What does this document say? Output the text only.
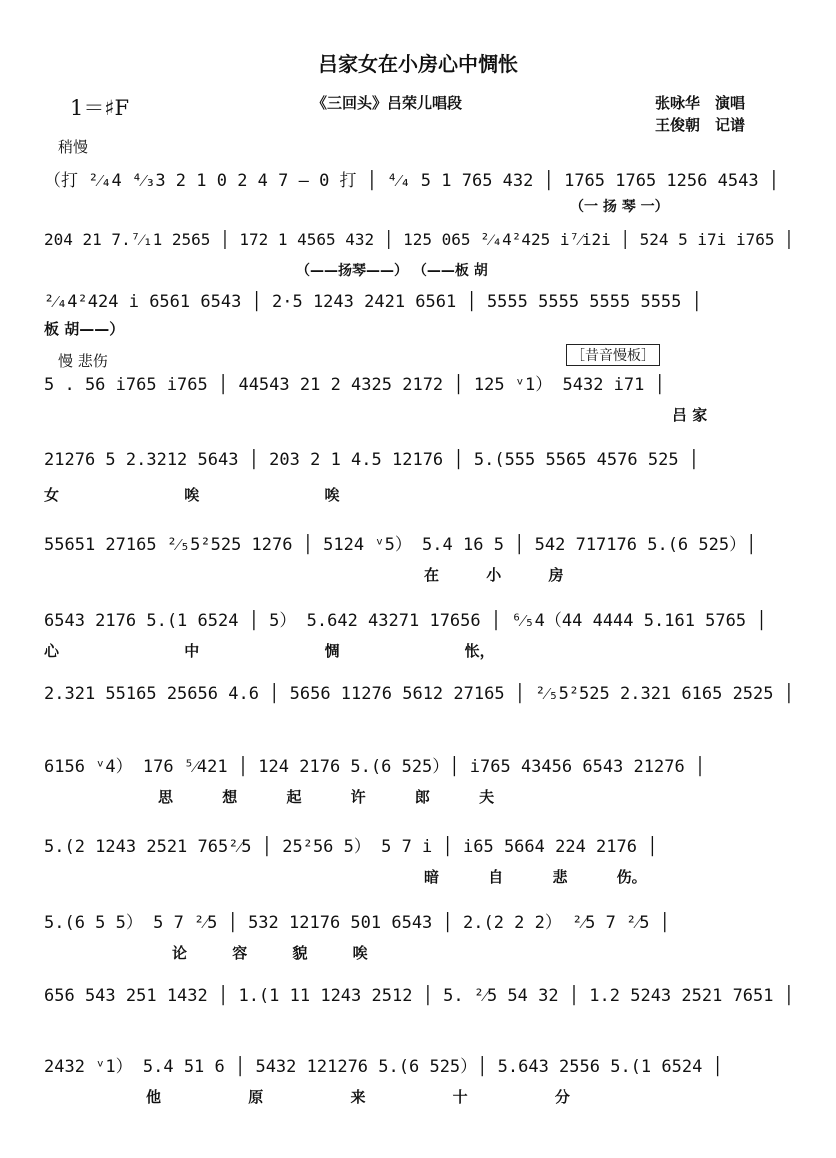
吕家女在小房心中惆怅
1＝♯F	《三回头》吕荣儿唱段	张咏华　演唱
王俊朝　记谱
稍慢
（打 ²⁄₄4 ⁴⁄₃3 2 1 0 2 4 7 – 0 打 │ ⁴⁄₄ 5 1 765 432 │ 1765 1765 1256 4543 │
（一 扬 琴 一）
204 21 7.⁷⁄₁1 2565 │ 172 1 4565 432 │ 125 065 ²⁄₄4²425 i⁷⁄i2i │ 524 5 i7i i765 │
（——扬琴——） （——板 胡
²⁄₄4²424 i 6561 6543 │ 2·5 1243 2421 6561 │ 5555 5555 5555 5555 │
板 胡——）
慢 悲伤	［昔音慢板］
5 . 56 i765 i765 │ 44543 21 2 4325 2172 │ 125 ᵛ1） 5432 i71 │
吕 家
21276 5 2.3212 5643 │ 203 2 1 4.5 12176 │ 5.(555 5565 4576 525 │
女 唉 唉
55651 27165 ²⁄₅5²525 1276 │ 5124 ᵛ5） 5.4 16 5 │ 542 717176 5.(6 525）│
在 小 房
6543 2176 5.(1 6524 │ 5） 5.642 43271 17656 │ ⁶⁄₅4（44 4444 5.161 5765 │
心 中 惆 怅，
2.321 55165 25656 4.6 │ 5656 11276 5612 27165 │ ²⁄₅5²525 2.321 6165 2525 │
6156 ᵛ4） 176 ⁵⁄421 │ 124 2176 5.(6 525）│ i765 43456 6543 21276 │
思 想 起 许 郎 夫
5.(2 1243 2521 765²⁄5 │ 25²56 5） 5 7 i │ i65 5664 224 2176 │
暗 自 悲 伤。
5.(6 5 5） 5 7 ²⁄5 │ 532 12176 501 6543 │ 2.(2 2 2） ²⁄5 7 ²⁄5 │
论 容 貌 唉
656 543 251 1432 │ 1.(1 11 1243 2512 │ 5. ²⁄5 54 32 │ 1.2 5243 2521 7651 │
2432 ᵛ1） 5.4 51 6 │ 5432 121276 5.(6 525）│ 5.643 2556 5.(1 6524 │
他 原 来 十 分
